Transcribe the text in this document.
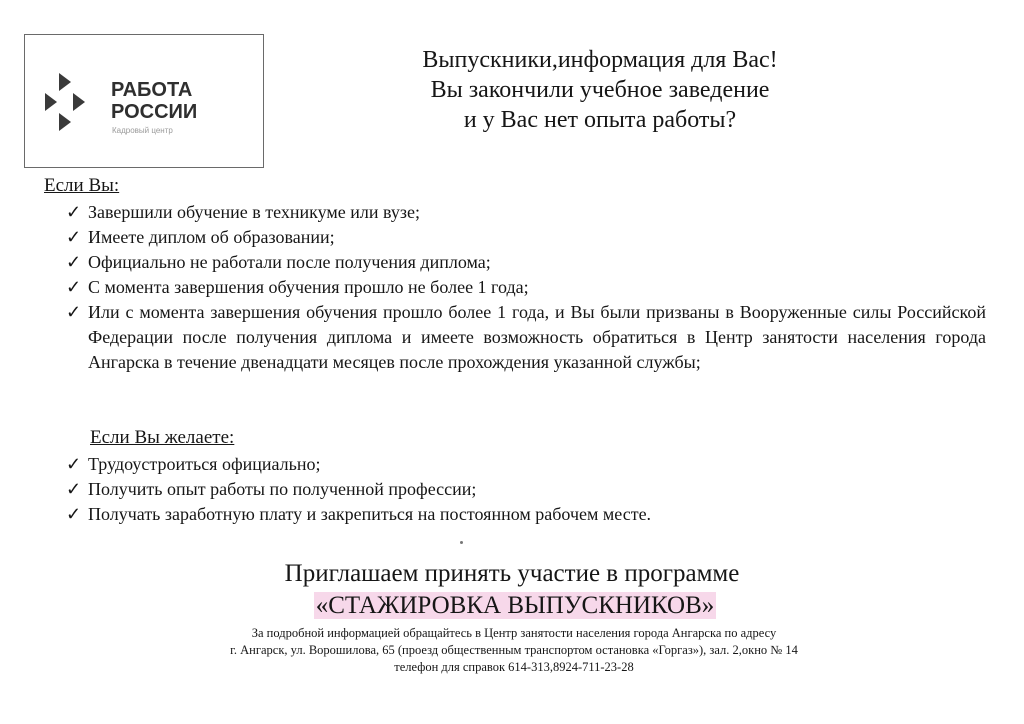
РАБОТА
РОССИИ
Кадровый центр
Выпускники,информация для Вас!
Вы закончили учебное заведение
и у Вас нет опыта работы?
Если Вы:
✓ Завершили обучение в техникуме или вузе;
✓ Имеете диплом об образовании;
✓ Официально не работали после получения диплома;
✓ С момента завершения обучения прошло не более 1 года;
✓ Или с момента завершения обучения прошло более 1 года, и Вы были призваны в Вооруженные силы Российской Федерации после получения диплома и имеете возможность обратиться в Центр занятости населения города Ангарска в течение двенадцати месяцев после прохождения указанной службы;
Если Вы желаете:
✓ Трудоустроиться официально;
✓ Получить опыт работы по полученной профессии;
✓ Получать заработную плату и закрепиться на постоянном рабочем месте.
Приглашаем принять участие в программе
«СТАЖИРОВКА ВЫПУСКНИКОВ»
За подробной информацией обращайтесь в Центр занятости населения города Ангарска по адресу
г. Ангарск, ул. Ворошилова, 65 (проезд общественным транспортом остановка «Горгаз»), зал. 2,окно № 14
телефон для справок 614-313,8924-711-23-28
